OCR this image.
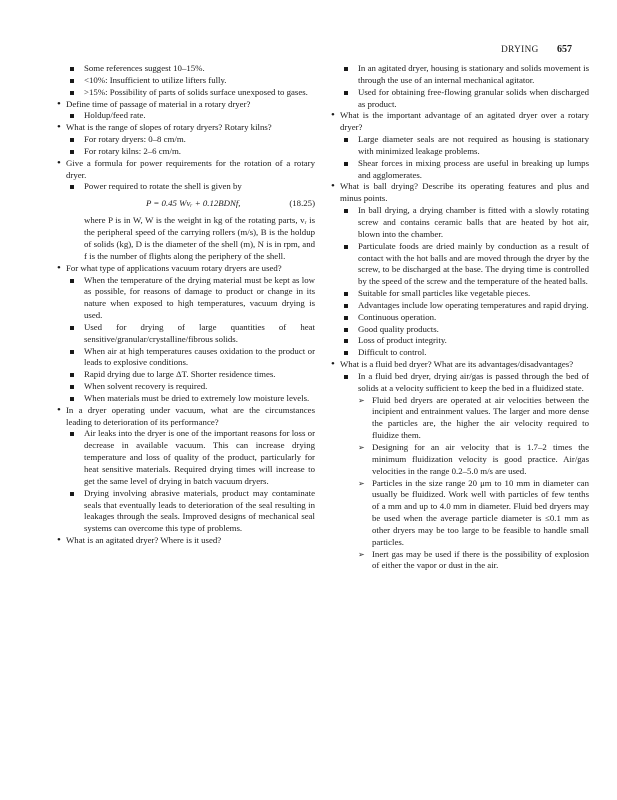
DRYING 657

Some references suggest 10–15%.

<10%: Insufficient to utilize lifters fully.

>15%: Possibility of parts of solids surface unexposed to gases.

• Define time of passage of material in a rotary dryer?

Holdup/feed rate.

• What is the range of slopes of rotary dryers? Rotary kilns?

For rotary dryers: 0–8 cm/m.

For rotary kilns: 2–6 cm/m.

• Give a formula for power requirements for the rotation of a rotary dryer.

Power required to rotate the shell is given by

P = 0.45 Wvᵣ + 0.12BDNf,	(18.25)

where P is in W, W is the weight in kg of the rotating parts, vᵣ is the peripheral speed of the carrying rollers (m/s), B is the holdup of solids (kg), D is the diameter of the shell (m), N is in rpm, and f is the number of flights along the periphery of the shell.

• For what type of applications vacuum rotary dryers are used?

When the temperature of the drying material must be kept as low as possible, for reasons of damage to product or change in its nature when exposed to high temperatures, vacuum drying is used.

Used for drying of large quantities of heat sensitive/granular/crystalline/fibrous solids.

When air at high temperatures causes oxidation to the product or leads to explosive conditions.

Rapid drying due to large ΔT. Shorter residence times.

When solvent recovery is required.

When materials must be dried to extremely low moisture levels.

• In a dryer operating under vacuum, what are the circumstances leading to deterioration of its performance?

Air leaks into the dryer is one of the important reasons for loss or decrease in available vacuum. This can increase drying temperature and loss of quality of the product, particularly for heat sensitive materials. Required drying times will increase to get the same level of drying in batch vacuum dryers.

Drying involving abrasive materials, product may contaminate seals that eventually leads to deterioration of the seal resulting in leakages through the seals. Improved designs of mechanical seal systems can overcome this type of problems.

• What is an agitated dryer? Where is it used?

In an agitated dryer, housing is stationary and solids movement is through the use of an internal mechanical agitator.

Used for obtaining free-flowing granular solids when discharged as product.

• What is the important advantage of an agitated dryer over a rotary dryer?

Large diameter seals are not required as housing is stationary with minimized leakage problems.

Shear forces in mixing process are useful in breaking up lumps and agglomerates.

• What is ball drying? Describe its operating features and plus and minus points.

In ball drying, a drying chamber is fitted with a slowly rotating screw and contains ceramic balls that are heated by hot air, blown into the chamber.

Particulate foods are dried mainly by conduction as a result of contact with the hot balls and are moved through the dryer by the screw, to be discharged at the base. The drying time is controlled by the speed of the screw and the temperature of the heated balls.

Suitable for small particles like vegetable pieces.

Advantages include low operating temperatures and rapid drying.

Continuous operation.

Good quality products.

Loss of product integrity.

Difficult to control.

• What is a fluid bed dryer? What are its advantages/disadvantages?

In a fluid bed dryer, drying air/gas is passed through the bed of solids at a velocity sufficient to keep the bed in a fluidized state.

➢ Fluid bed dryers are operated at air velocities between the incipient and entrainment values. The larger and more dense the particles are, the higher the air velocity required to fluidize them.

➢ Designing for an air velocity that is 1.7–2 times the minimum fluidization velocity is good practice. Air/gas velocities in the range 0.2–5.0 m/s are used.

➢ Particles in the size range 20 μm to 10 mm in diameter can usually be fluidized. Work well with particles of few tenths of a mm and up to 4.0 mm in diameter. Fluid bed dryers may be used when the average particle diameter is ≤0.1 mm as other dryers may be too large to be feasible to handle small particles.

➢ Inert gas may be used if there is the possibility of explosion of either the vapor or dust in the air.
